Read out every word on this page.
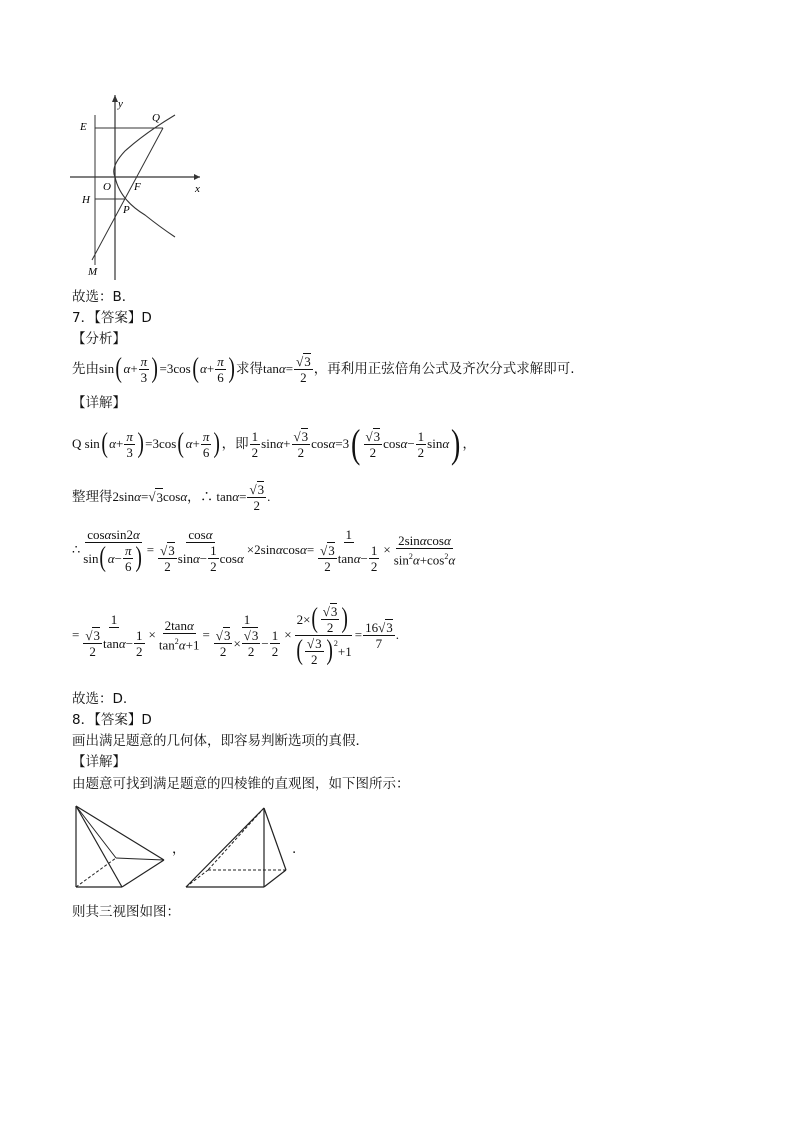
E
Q
y
O F	x
H
P
M
故选：B．
7．【答案】D
【分析】
先由 sin ( $\alpha + \frac{\pi}{3}$ ) =3cos ( $\alpha + \frac{\pi}{6}$ ) 求得 $\tan \alpha = \frac{√3}{2}$ ，再利用正弦倍角公式及齐次分式求解即可.
【详解】
Q sin ( $\alpha + \frac{\pi}{3}$ ) =3cos ( $\alpha + \frac{\pi}{6}$ ) ，即 $\frac{1}{2}$ $\sin \alpha + \frac{√3}{2}$ cos α =3 ( $\frac{√3}{2}$ $\cos \alpha - \frac{1}{2}$ sin α ) ，
整理得 2sin α = √ 3 cos α ，∴ $\tan \alpha = \frac{√3}{2}$ .
∴ $\frac{\cos\alpha\sin 2\alpha}{\sin ( \alpha - \frac{\pi}{6} )} = \frac{\cos\alpha}{\frac{√3}{2} \sin \alpha - \frac{1}{2} \cos \alpha} \times 2\sin$ α $\cos \alpha = \frac{1}{\frac{√3}{2} \tan \alpha - \frac{1}{2}} \times \frac{2\sin\alpha\cos\alpha}{\sin^2\alpha+\cos^2\alpha}$
= $\frac{1}{\frac{√3}{2} \tan \alpha - \frac{1}{2}} \times \frac{2\tan\alpha}{\tan^2\alpha+1} = \frac{1}{\frac{√3}{2} \times \frac{√3}{2} - \frac{1}{2}} \times 2\times$ ( $\frac{√3}{2}$ )
( $\frac{√3}{2} )^2$
$+1 = \frac{16√3}{7}$ .
故选：D.
8．【答案】D
画出满足题意的几何体，即容易判断选项的真假．
【详解】
由题意可找到满足题意的四棱锥的直观图，如下图所示：
，	.
则其三视图如图：
